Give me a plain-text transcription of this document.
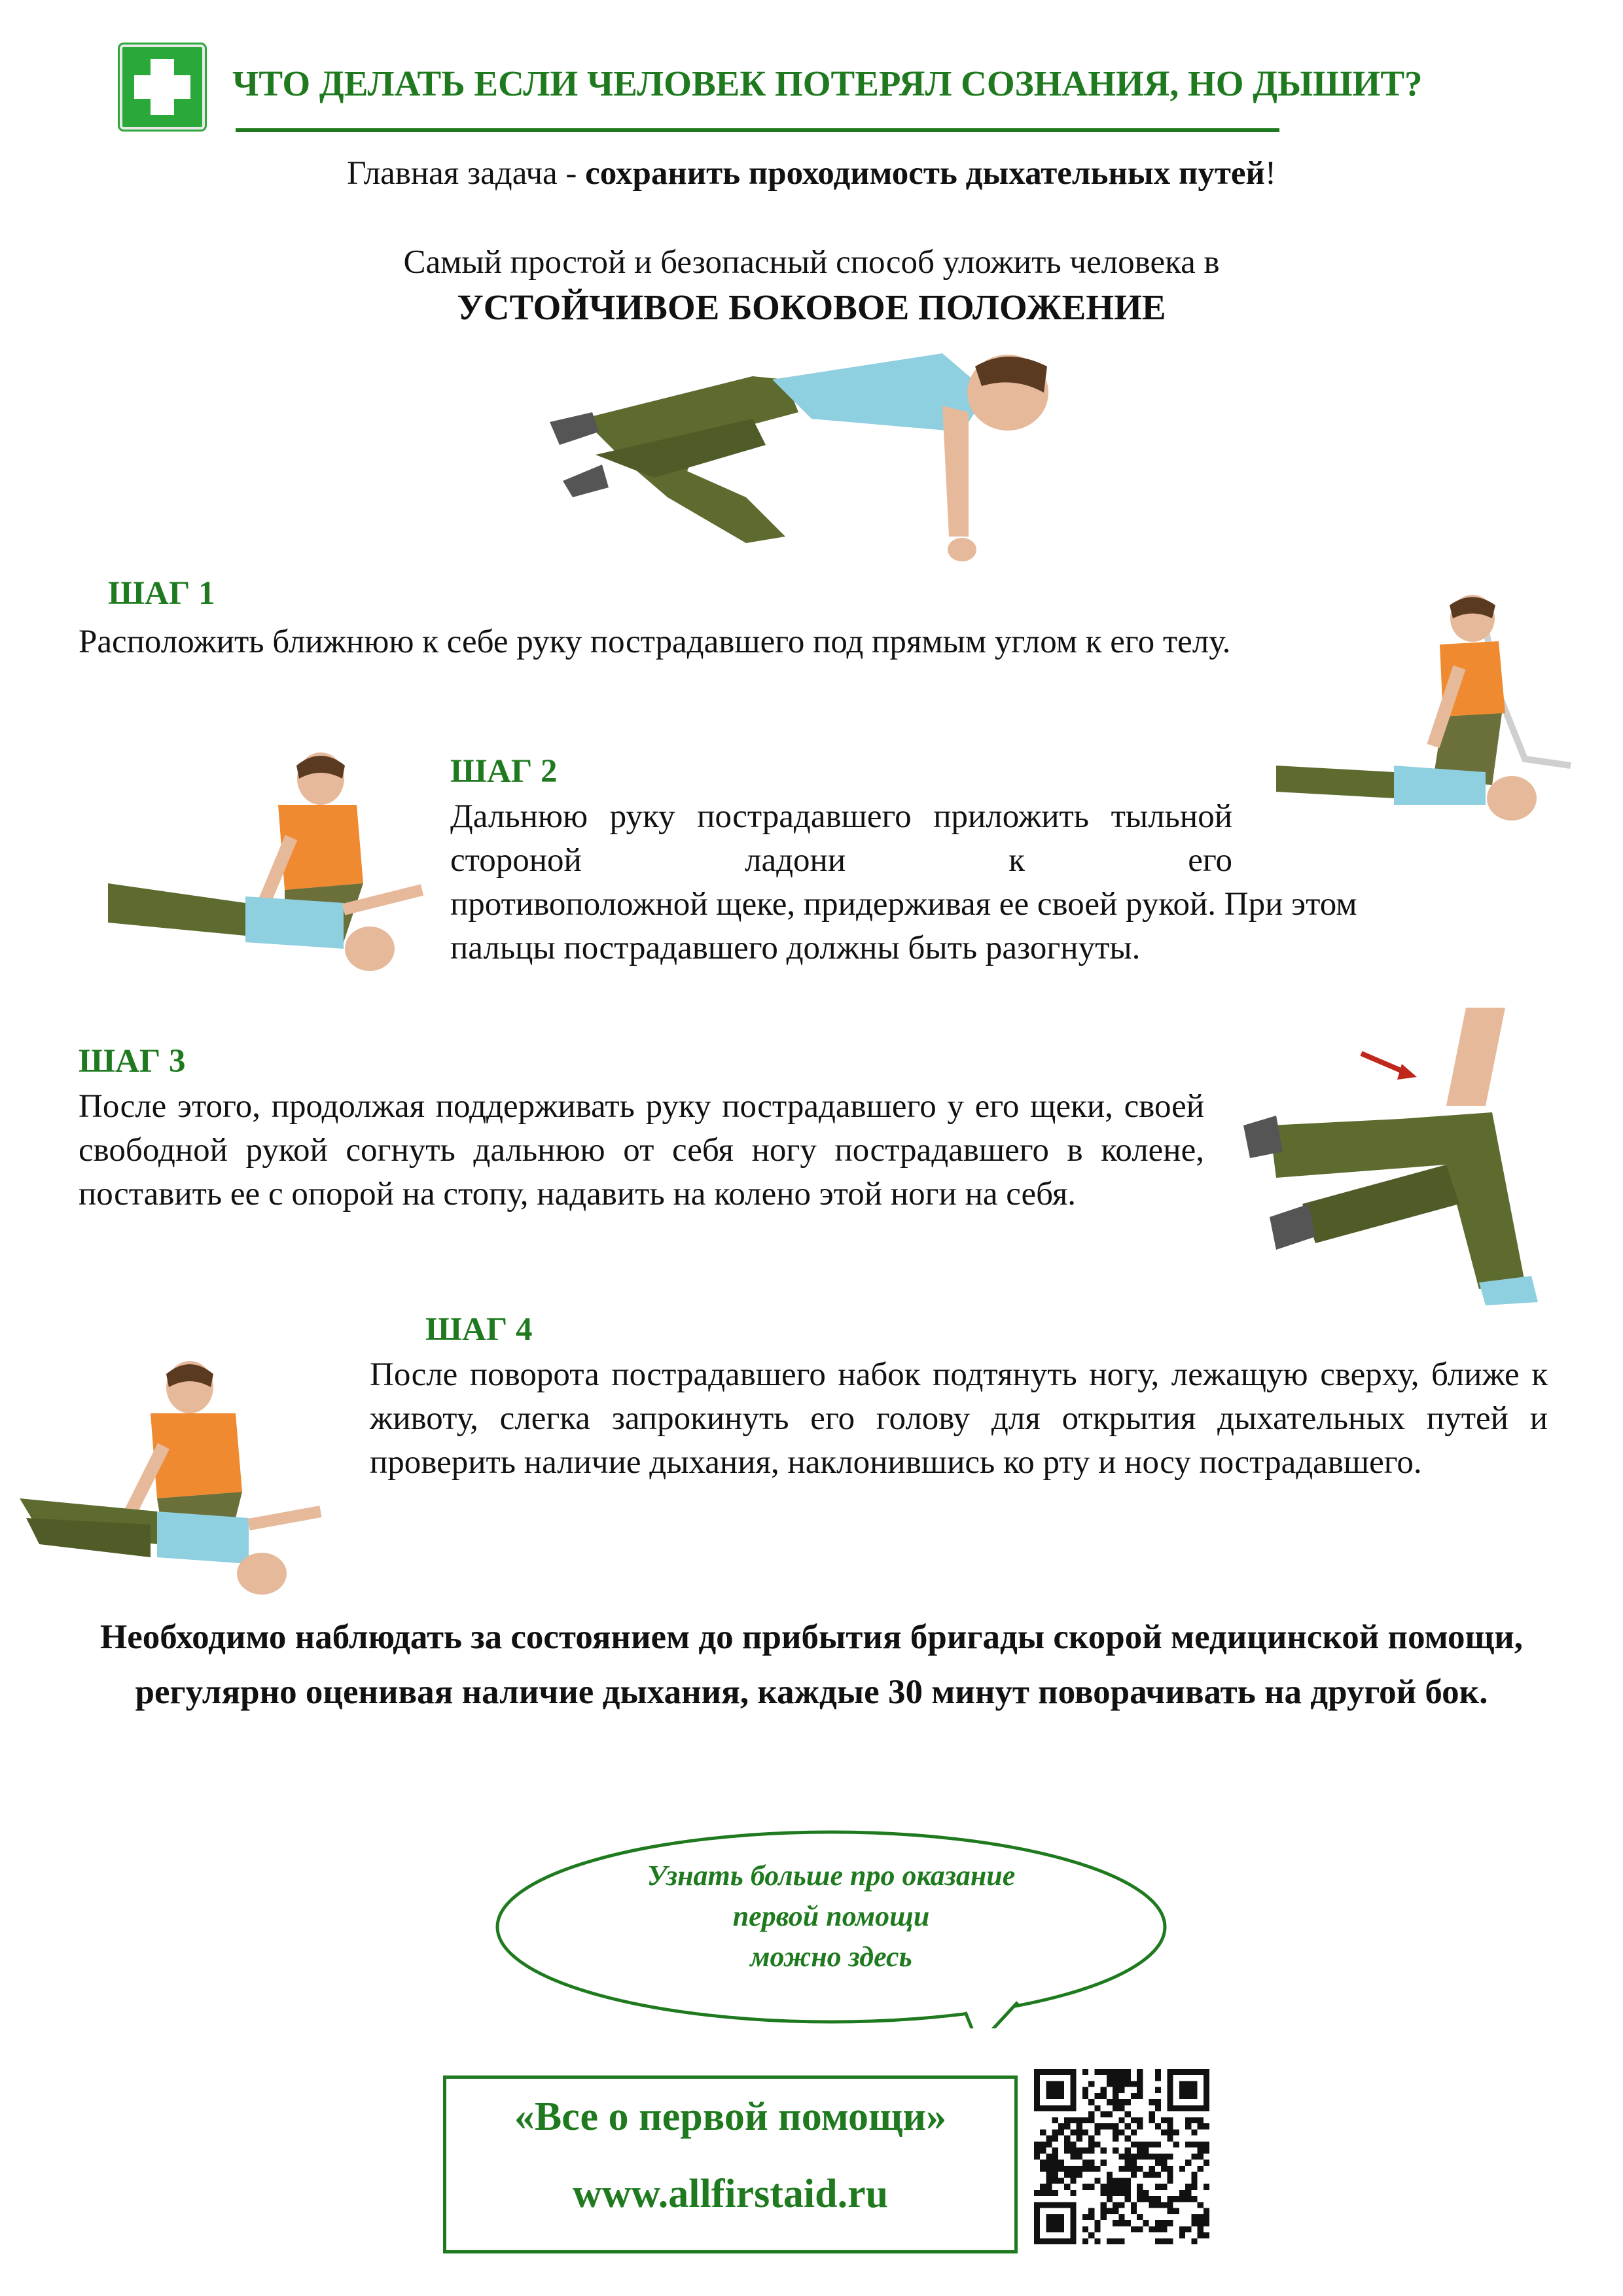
ЧТО ДЕЛАТЬ ЕСЛИ ЧЕЛОВЕК ПОТЕРЯЛ СОЗНАНИЯ, НО ДЫШИТ?
Главная задача - сохранить проходимость дыхательных путей!
Самый простой и безопасный способ уложить человека в
УСТОЙЧИВОЕ БОКОВОЕ ПОЛОЖЕНИЕ
ШАГ 1
Расположить ближнюю к себе руку пострадавшего под прямым углом к его телу.
ШАГ 2
Дальнюю руку пострадавшего приложить тыльной стороной ладони к его
противоположной щеке, придерживая ее своей рукой. При этом пальцы пострадавшего должны быть разогнуты.
ШАГ 3
После этого, продолжая поддерживать руку пострадавшего у его щеки, своей свободной рукой согнуть дальнюю от себя ногу пострадавшего в колене, поставить ее с опорой на стопу, надавить на колено этой ноги на себя.
ШАГ 4
После поворота пострадавшего набок подтянуть ногу, лежащую сверху, ближе к животу, слегка запрокинуть его голову для открытия дыхательных путей и проверить наличие дыхания, наклонившись ко рту и носу пострадавшего.
Необходимо наблюдать за состоянием до прибытия бригады скорой медицинской помощи, регулярно оценивая наличие дыхания, каждые 30 минут поворачивать на другой бок.
Узнать больше про оказание
первой помощи
можно здесь
«Все о первой помощи»
www.allfirstaid.ru
